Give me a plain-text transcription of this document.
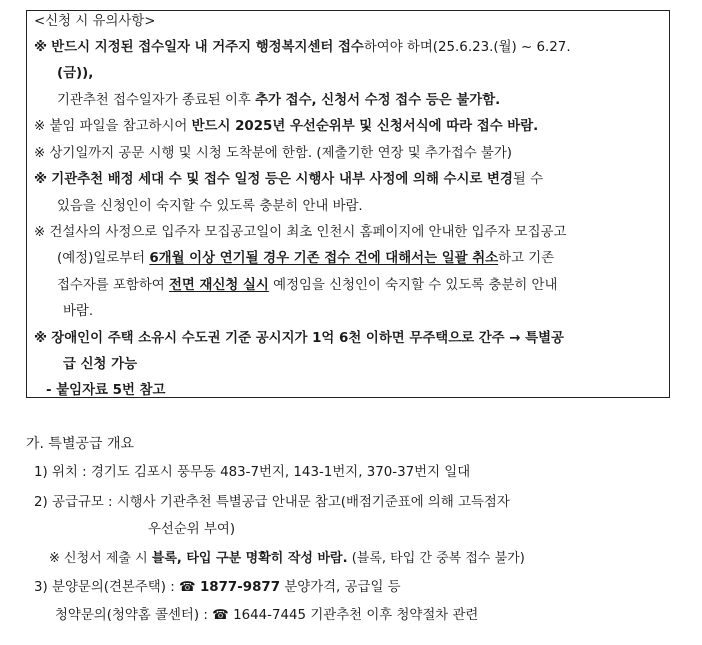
<신청 시 유의사항>
※ 반드시 지정된 접수일자 내 거주지 행정복지센터 접수하여야 하며(25.6.23.(월) ~ 6.27.
(금)),
기관추천 접수일자가 종료된 이후 추가 접수, 신청서 수정 접수 등은 불가함.
※ 붙임 파일을 참고하시어 반드시 2025년 우선순위부 및 신청서식에 따라 접수 바람.
※ 상기일까지 공문 시행 및 시청 도착분에 한함. (제출기한 연장 및 추가접수 불가)
※ 기관추천 배정 세대 수 및 접수 일정 등은 시행사 내부 사정에 의해 수시로 변경될 수
있음을 신청인이 숙지할 수 있도록 충분히 안내 바람.
※ 건설사의 사정으로 입주자 모집공고일이 최초 인천시 홈페이지에 안내한 입주자 모집공고
(예정)일로부터 6개월 이상 연기될 경우 기존 접수 건에 대해서는 일괄 취소하고 기존
접수자를 포함하여 전면 재신청 실시 예정임을 신청인이 숙지할 수 있도록 충분히 안내
바람.
※ 장애인이 주택 소유시 수도권 기준 공시지가 1억 6천 이하면 무주택으로 간주 → 특별공
급 신청 가능
- 붙임자료 5번 참고
가. 특별공급 개요
1) 위치 : 경기도 김포시 풍무동 483-7번지, 143-1번지, 370-37번지 일대
2) 공급규모 : 시행사 기관추천 특별공급 안내문 참고(배점기준표에 의해 고득점자
우선순위 부여)
※ 신청서 제출 시 블록, 타입 구분 명확히 작성 바람. (블록, 타입 간 중복 접수 불가)
3) 분양문의(견본주택) : ☎ 1877-9877 분양가격, 공급일 등
청약문의(청약홈 콜센터) : ☎ 1644-7445 기관추천 이후 청약절차 관련
